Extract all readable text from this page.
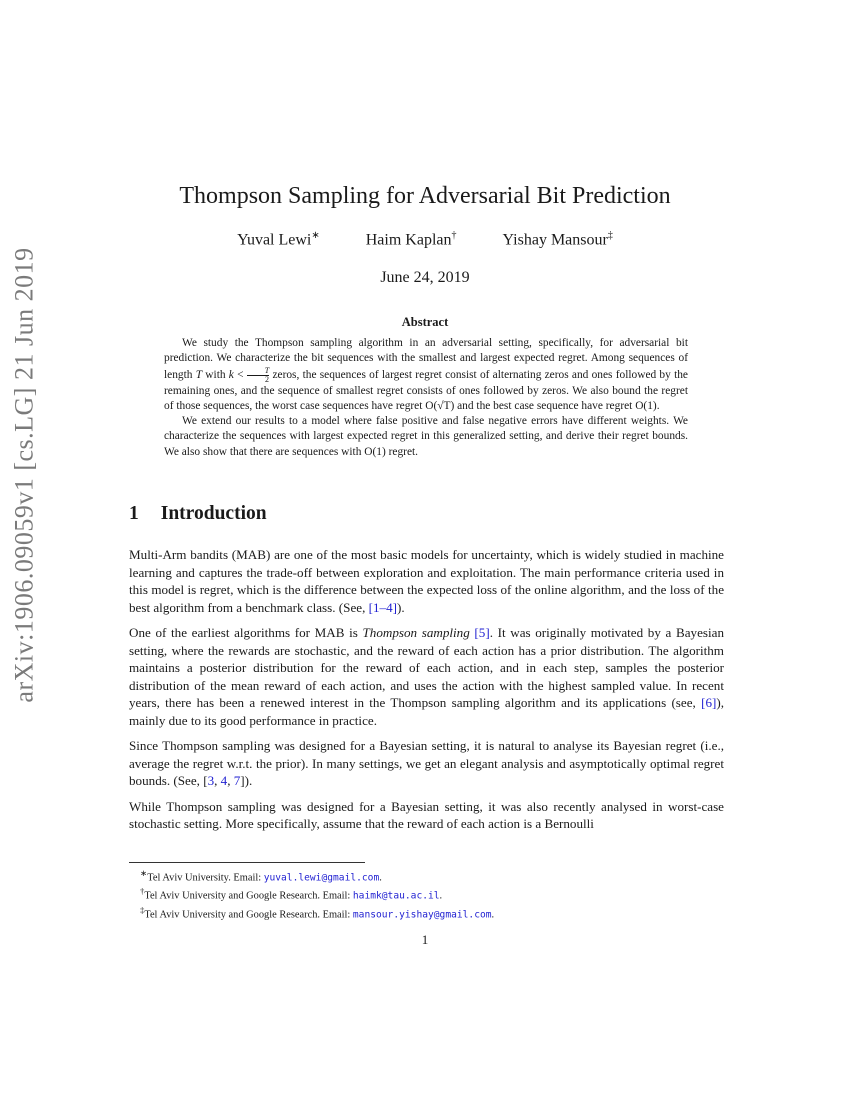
arXiv:1906.09059v1 [cs.LG] 21 Jun 2019
Thompson Sampling for Adversarial Bit Prediction
Yuval Lewi∗	Haim Kaplan†	Yishay Mansour‡
June 24, 2019
Abstract

We study the Thompson sampling algorithm in an adversarial setting, specifically, for adversarial bit prediction. We characterize the bit sequences with the smallest and largest expected regret. Among sequences of length T with $k < \frac{T}{2}$ zeros, the sequences of largest regret consist of alternating zeros and ones followed by the remaining ones, and the sequence of smallest regret consists of ones followed by zeros. We also bound the regret of those sequences, the worst case sequences have regret O(√T) and the best case sequence have regret O(1).

We extend our results to a model where false positive and false negative errors have different weights. We characterize the sequences with largest expected regret in this generalized setting, and derive their regret bounds. We also show that there are sequences with O(1) regret.

1 Introduction

Multi-Arm bandits (MAB) are one of the most basic models for uncertainty, which is widely studied in machine learning and captures the trade-off between exploration and exploitation. The main performance criteria used in this model is regret, which is the difference between the expected loss of the online algorithm, and the loss of the best algorithm from a benchmark class. (See, [1–4]).

One of the earliest algorithms for MAB is Thompson sampling [5]. It was originally motivated by a Bayesian setting, where the rewards are stochastic, and the reward of each action has a prior distribution. The algorithm maintains a posterior distribution for the reward of each action, and in each step, samples the posterior distribution of the mean reward of each action, and uses the action with the highest sampled value. In recent years, there has been a renewed interest in the Thompson sampling algorithm and its applications (see, [6]), mainly due to its good performance in practice.

Since Thompson sampling was designed for a Bayesian setting, it is natural to analyse its Bayesian regret (i.e., average the regret w.r.t. the prior). In many settings, we get an elegant analysis and asymptotically optimal regret bounds. (See, [3, 4, 7]).

While Thompson sampling was designed for a Bayesian setting, it was also recently analysed in worst-case stochastic setting. More specifically, assume that the reward of each action is a Bernoulli

∗Tel Aviv University. Email: yuval.lewi@gmail.com.
†Tel Aviv University and Google Research. Email: haimk@tau.ac.il.
‡Tel Aviv University and Google Research. Email: mansour.yishay@gmail.com.
1
